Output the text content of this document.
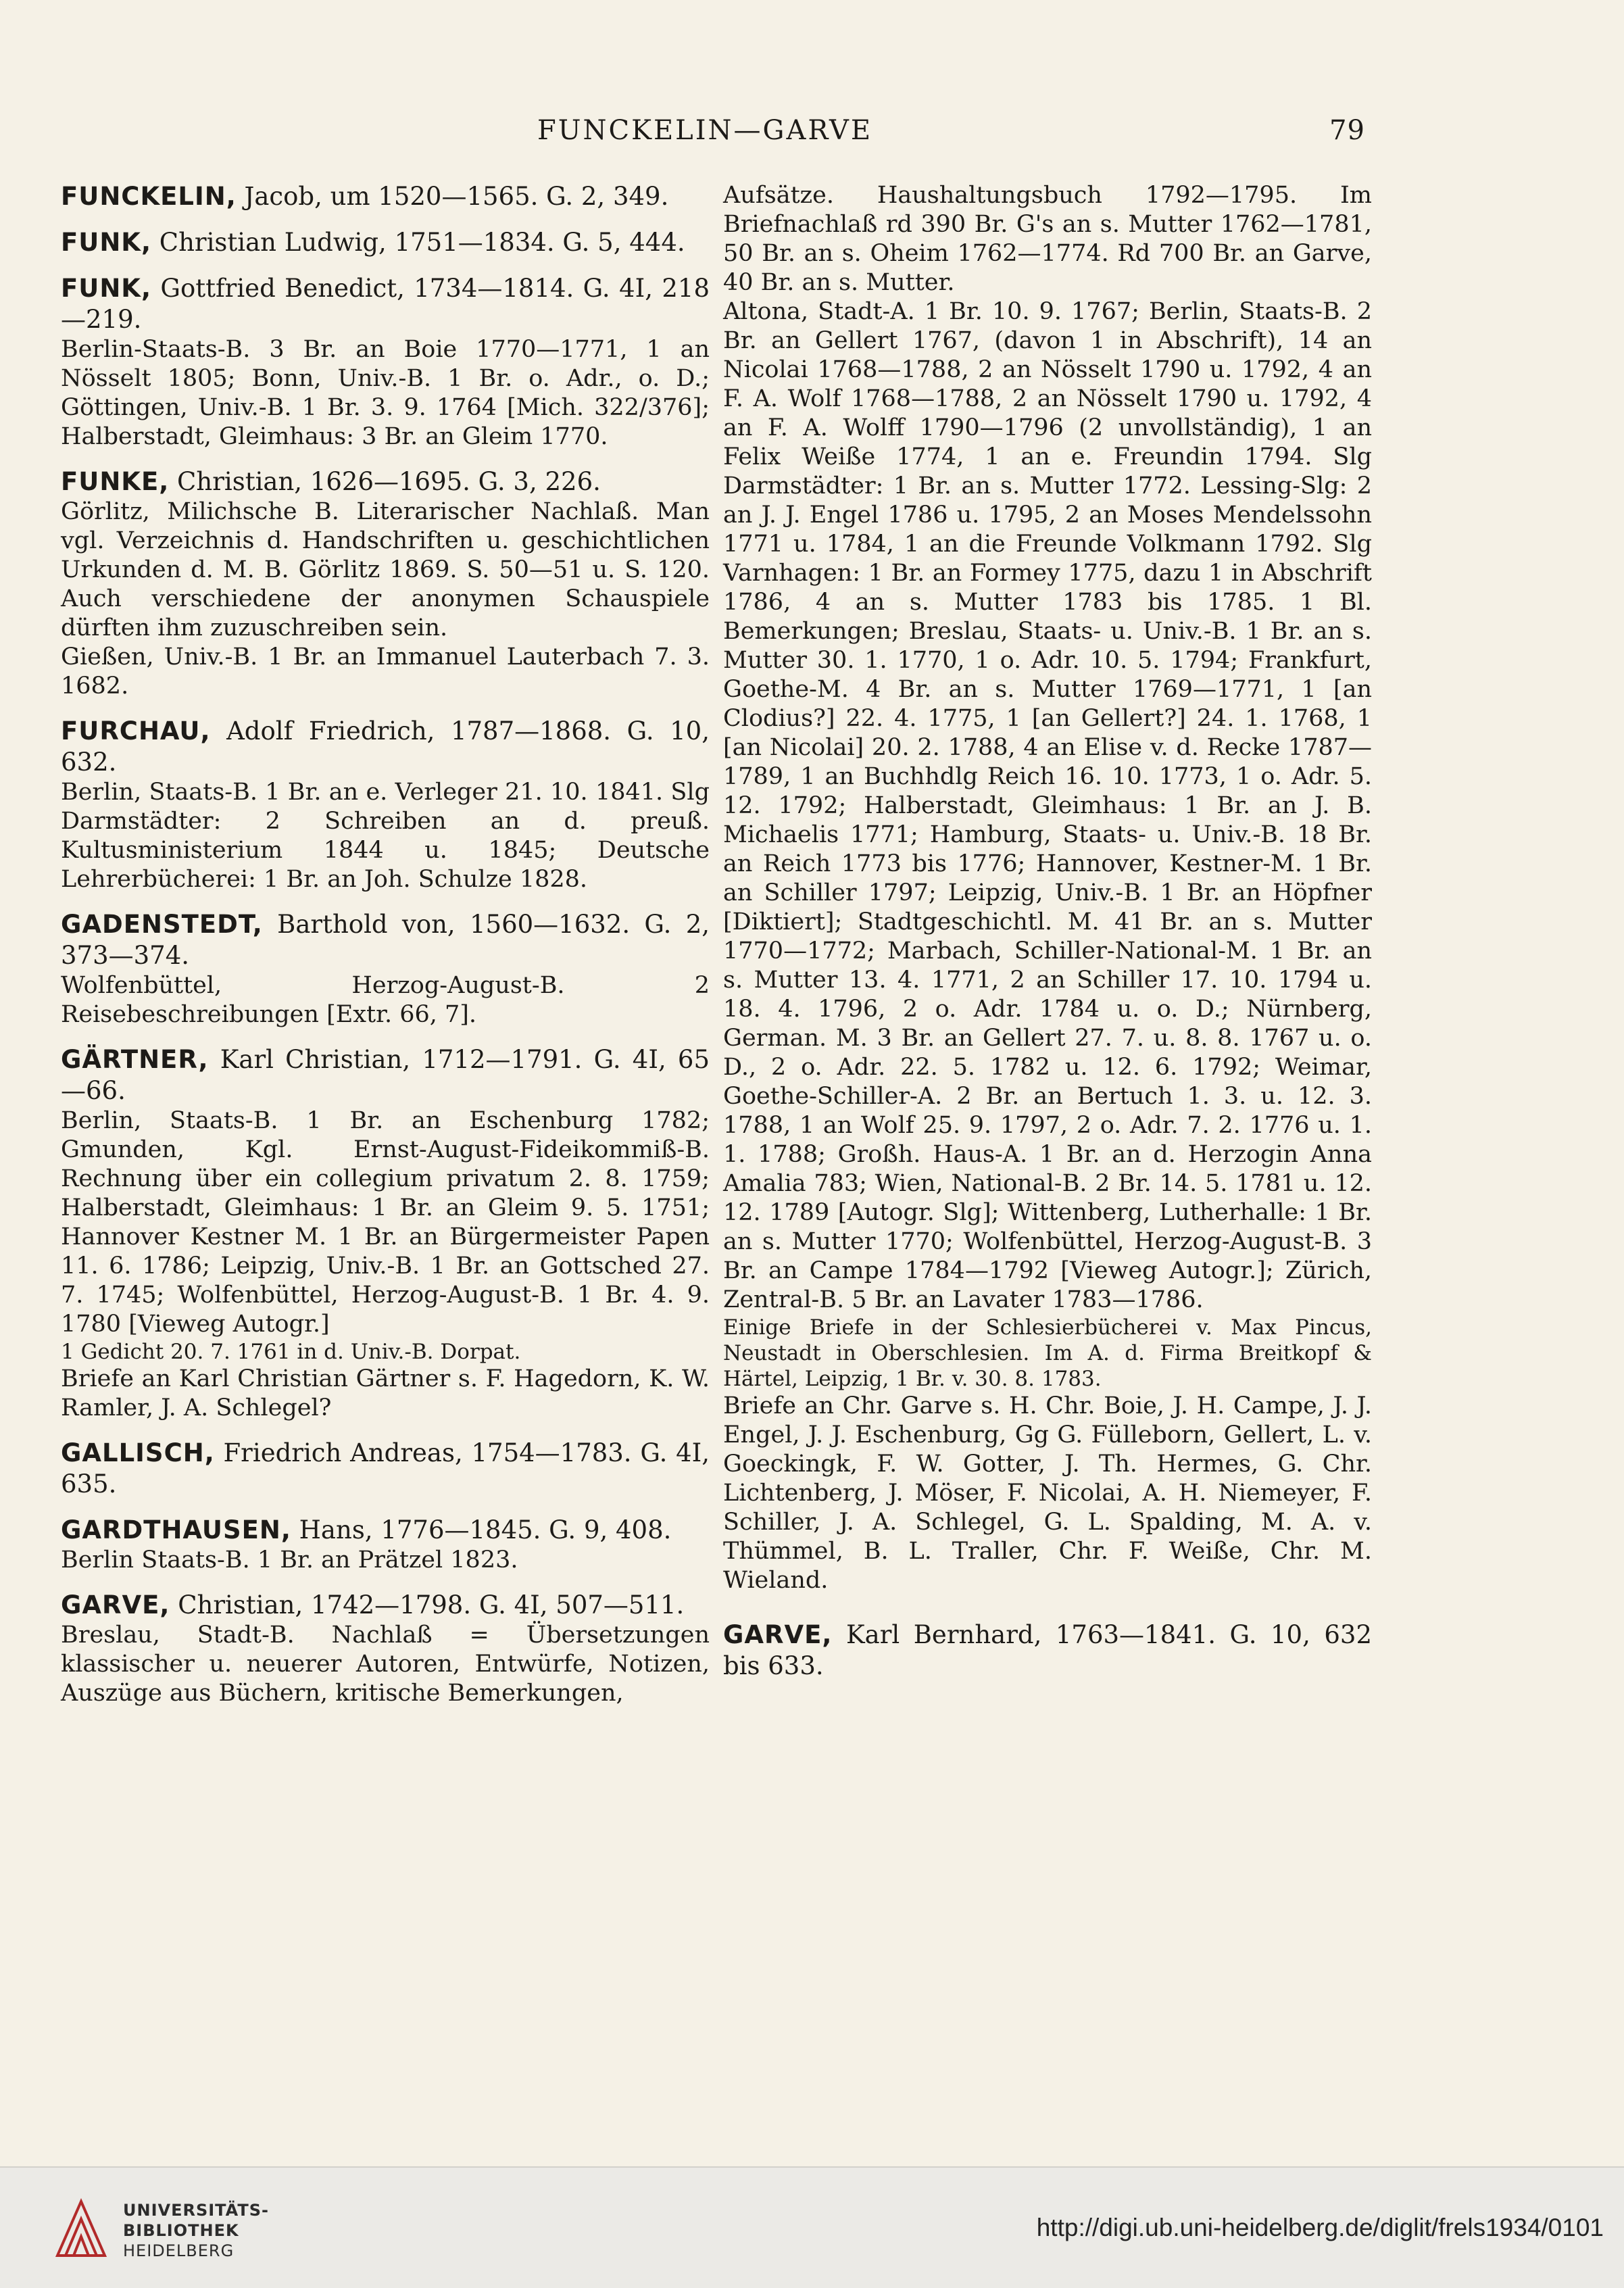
FUNCKELIN—GARVE	79
FUNCKELIN, Jacob, um 1520—1565. G. 2, 349.
FUNK, Christian Ludwig, 1751—1834. G. 5, 444.
FUNK, Gottfried Benedict, 1734—1814. G. 4I, 218—219.
Berlin-Staats-B. 3 Br. an Boie 1770—1771, 1 an Nösselt 1805; Bonn, Univ.-B. 1 Br. o. Adr., o. D.; Göttingen, Univ.-B. 1 Br. 3. 9. 1764 [Mich. 322/376]; Halberstadt, Gleimhaus: 3 Br. an Gleim 1770.
FUNKE, Christian, 1626—1695. G. 3, 226.
Görlitz, Milichsche B. Literarischer Nachlaß. Man vgl. Verzeichnis d. Handschriften u. geschichtlichen Urkunden d. M. B. Görlitz 1869. S. 50—51 u. S. 120. Auch verschiedene der anonymen Schauspiele dürften ihm zuzuschreiben sein.
Gießen, Univ.-B. 1 Br. an Immanuel Lauterbach 7. 3. 1682.
FURCHAU, Adolf Friedrich, 1787—1868. G. 10, 632.
Berlin, Staats-B. 1 Br. an e. Verleger 21. 10. 1841. Slg Darmstädter: 2 Schreiben an d. preuß. Kultusministerium 1844 u. 1845; Deutsche Lehrerbücherei: 1 Br. an Joh. Schulze 1828.
GADENSTEDT, Barthold von, 1560—1632. G. 2, 373—374.
Wolfenbüttel, Herzog-August-B. 2 Reisebeschreibungen [Extr. 66, 7].
GÄRTNER, Karl Christian, 1712—1791. G. 4I, 65—66.
Berlin, Staats-B. 1 Br. an Eschenburg 1782; Gmunden, Kgl. Ernst-August-Fideikommiß-B. Rechnung über ein collegium privatum 2. 8. 1759; Halberstadt, Gleimhaus: 1 Br. an Gleim 9. 5. 1751; Hannover Kestner M. 1 Br. an Bürgermeister Papen 11. 6. 1786; Leipzig, Univ.-B. 1 Br. an Gottsched 27. 7. 1745; Wolfenbüttel, Herzog-August-B. 1 Br. 4. 9. 1780 [Vieweg Autogr.]
1 Gedicht 20. 7. 1761 in d. Univ.-B. Dorpat.
Briefe an Karl Christian Gärtner s. F. Hagedorn, K. W. Ramler, J. A. Schlegel?
GALLISCH, Friedrich Andreas, 1754—1783. G. 4I, 635.
GARDTHAUSEN, Hans, 1776—1845. G. 9, 408.
Berlin Staats-B. 1 Br. an Prätzel 1823.
GARVE, Christian, 1742—1798. G. 4I, 507—511.
Breslau, Stadt-B. Nachlaß = Übersetzungen klassischer u. neuerer Autoren, Entwürfe, Notizen, Auszüge aus Büchern, kritische Bemerkungen,
Aufsätze. Haushaltungsbuch 1792—1795. Im Briefnachlaß rd 390 Br. G's an s. Mutter 1762—1781, 50 Br. an s. Oheim 1762—1774. Rd 700 Br. an Garve, 40 Br. an s. Mutter.
Altona, Stadt-A. 1 Br. 10. 9. 1767; Berlin, Staats-B. 2 Br. an Gellert 1767, (davon 1 in Abschrift), 14 an Nicolai 1768—1788, 2 an Nösselt 1790 u. 1792, 4 an F. A. Wolf 1768—1788, 2 an Nösselt 1790 u. 1792, 4 an F. A. Wolff 1790—1796 (2 unvollständig), 1 an Felix Weiße 1774, 1 an e. Freundin 1794. Slg Darmstädter: 1 Br. an s. Mutter 1772. Lessing-Slg: 2 an J. J. Engel 1786 u. 1795, 2 an Moses Mendelssohn 1771 u. 1784, 1 an die Freunde Volkmann 1792. Slg Varnhagen: 1 Br. an Formey 1775, dazu 1 in Abschrift 1786, 4 an s. Mutter 1783 bis 1785. 1 Bl. Bemerkungen; Breslau, Staats- u. Univ.-B. 1 Br. an s. Mutter 30. 1. 1770, 1 o. Adr. 10. 5. 1794; Frankfurt, Goethe-M. 4 Br. an s. Mutter 1769—1771, 1 [an Clodius?] 22. 4. 1775, 1 [an Gellert?] 24. 1. 1768, 1 [an Nicolai] 20. 2. 1788, 4 an Elise v. d. Recke 1787—1789, 1 an Buchhdlg Reich 16. 10. 1773, 1 o. Adr. 5. 12. 1792; Halberstadt, Gleimhaus: 1 Br. an J. B. Michaelis 1771; Hamburg, Staats- u. Univ.-B. 18 Br. an Reich 1773 bis 1776; Hannover, Kestner-M. 1 Br. an Schiller 1797; Leipzig, Univ.-B. 1 Br. an Höpfner [Diktiert]; Stadtgeschichtl. M. 41 Br. an s. Mutter 1770—1772; Marbach, Schiller-National-M. 1 Br. an s. Mutter 13. 4. 1771, 2 an Schiller 17. 10. 1794 u. 18. 4. 1796, 2 o. Adr. 1784 u. o. D.; Nürnberg, German. M. 3 Br. an Gellert 27. 7. u. 8. 8. 1767 u. o. D., 2 o. Adr. 22. 5. 1782 u. 12. 6. 1792; Weimar, Goethe-Schiller-A. 2 Br. an Bertuch 1. 3. u. 12. 3. 1788, 1 an Wolf 25. 9. 1797, 2 o. Adr. 7. 2. 1776 u. 1. 1. 1788; Großh. Haus-A. 1 Br. an d. Herzogin Anna Amalia 783; Wien, National-B. 2 Br. 14. 5. 1781 u. 12. 12. 1789 [Autogr. Slg]; Wittenberg, Lutherhalle: 1 Br. an s. Mutter 1770; Wolfenbüttel, Herzog-August-B. 3 Br. an Campe 1784—1792 [Vieweg Autogr.]; Zürich, Zentral-B. 5 Br. an Lavater 1783—1786.
Einige Briefe in der Schlesierbücherei v. Max Pincus, Neustadt in Oberschlesien. Im A. d. Firma Breitkopf & Härtel, Leipzig, 1 Br. v. 30. 8. 1783.
Briefe an Chr. Garve s. H. Chr. Boie, J. H. Campe, J. J. Engel, J. J. Eschenburg, Gg G. Fülleborn, Gellert, L. v. Goeckingk, F. W. Gotter, J. Th. Hermes, G. Chr. Lichtenberg, J. Möser, F. Nicolai, A. H. Niemeyer, F. Schiller, J. A. Schlegel, G. L. Spalding, M. A. v. Thümmel, B. L. Traller, Chr. F. Weiße, Chr. M. Wieland.
GARVE, Karl Bernhard, 1763—1841. G. 10, 632 bis 633.
UNIVERSITÄTS-
BIBLIOTHEK
HEIDELBERG
http://digi.ub.uni-heidelberg.de/diglit/frels1934/0101
